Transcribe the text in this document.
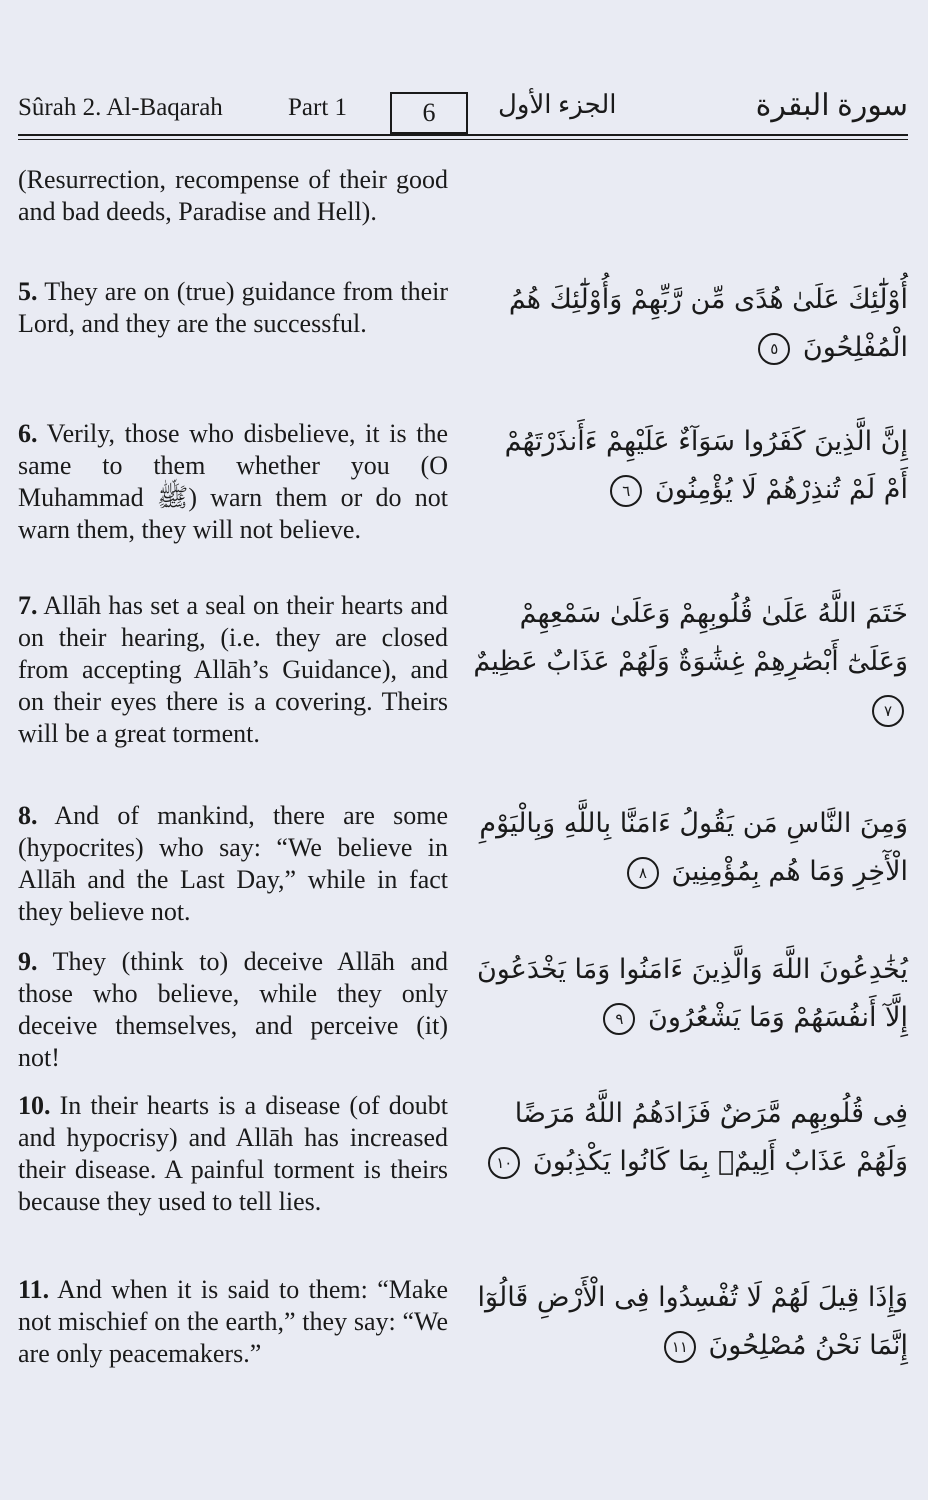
Sûrah 2. Al-Baqarah	Part 1	6	الجزء الأول	سورة البقرة
(Resurrection, recompense of their good and bad deeds, Paradise and Hell).
5. They are on (true) guidance from their Lord, and they are the successful.
أُوْلَٰٓئِكَ عَلَىٰ هُدًى مِّن رَّبِّهِمْ وَأُوْلَٰٓئِكَ هُمُ الْمُفْلِحُونَ ٥
6. Verily, those who disbelieve, it is the same to them whether you (O Muhammad ﷺ) warn them or do not warn them, they will not believe.
إِنَّ الَّذِينَ كَفَرُوا سَوَآءٌ عَلَيْهِمْ ءَأَنذَرْتَهُمْ أَمْ لَمْ تُنذِرْهُمْ لَا يُؤْمِنُونَ ٦
7. Allāh has set a seal on their hearts and on their hearing, (i.e. they are closed from accepting Allāh’s Guidance), and on their eyes there is a covering. Theirs will be a great torment.
خَتَمَ اللَّهُ عَلَىٰ قُلُوبِهِمْ وَعَلَىٰ سَمْعِهِمْ وَعَلَىٰٓ أَبْصَٰرِهِمْ غِشَٰوَةٌ وَلَهُمْ عَذَابٌ عَظِيمٌ ٧
8. And of mankind, there are some (hypocrites) who say: “We believe in Allāh and the Last Day,” while in fact they believe not.
وَمِنَ النَّاسِ مَن يَقُولُ ءَامَنَّا بِاللَّهِ وَبِالْيَوْمِ الْأٓخِرِ وَمَا هُم بِمُؤْمِنِينَ ٨
9. They (think to) deceive Allāh and those who believe, while they only deceive themselves, and perceive (it) not!
يُخَٰدِعُونَ اللَّهَ وَالَّذِينَ ءَامَنُوا وَمَا يَخْدَعُونَ إِلَّآ أَنفُسَهُمْ وَمَا يَشْعُرُونَ ٩
10. In their hearts is a disease (of doubt and hypocrisy) and Allāh has increased their disease. A painful torment is theirs because they used to tell lies.
فِى قُلُوبِهِم مَّرَضٌ فَزَادَهُمُ اللَّهُ مَرَضًا وَلَهُمْ عَذَابٌ أَلِيمٌۢ بِمَا كَانُوا يَكْذِبُونَ ١٠
11. And when it is said to them: “Make not mischief on the earth,” they say: “We are only peacemakers.”
وَإِذَا قِيلَ لَهُمْ لَا تُفْسِدُوا فِى الْأَرْضِ قَالُوٓا إِنَّمَا نَحْنُ مُصْلِحُونَ ١١
